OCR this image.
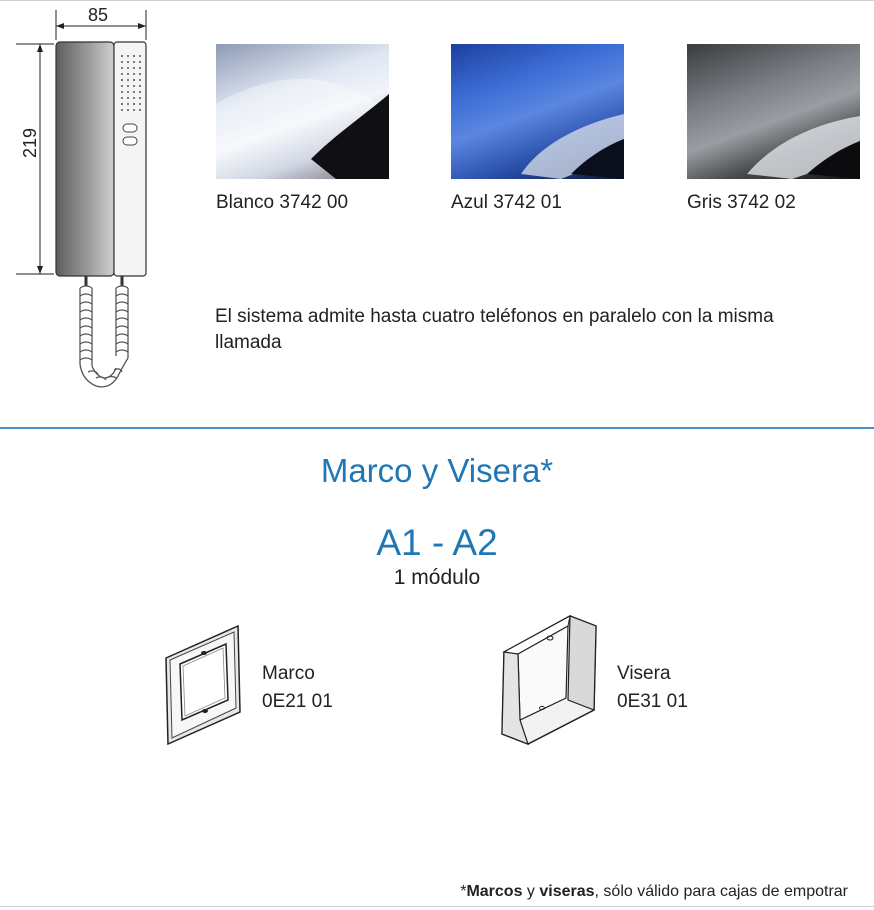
85
219
Blanco 3742 00	Azul 3742 01	Gris 3742 02
El sistema admite hasta cuatro teléfonos en paralelo con la misma llamada
Marco y Visera*
A1 - A2
1 módulo
Marco
0E21 01
Visera
0E31 01
*Marcos y viseras, sólo válido para cajas de empotrar
